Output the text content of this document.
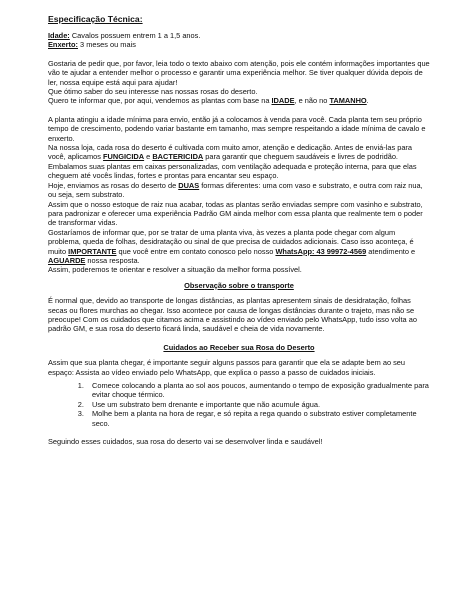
Especificação Técnica:

Idade: Cavalos possuem entrem 1 a 1,5 anos.

Enxerto: 3 meses ou mais

Gostaria de pedir que, por favor, leia todo o texto abaixo com atenção, pois ele contém informações importantes que vão te ajudar a entender melhor o processo e garantir uma experiência melhor. Se tiver qualquer dúvida depois de ler, nossa equipe está aqui para ajudar!

Que ótimo saber do seu interesse nas nossas rosas do deserto.

Quero te informar que, por aqui, vendemos as plantas com base na IDADE, e não no TAMANHO.

A planta atingiu a idade mínima para envio, então já a colocamos à venda para você. Cada planta tem seu próprio tempo de crescimento, podendo variar bastante em tamanho, mas sempre respeitando a idade mínima de cavalo e enxerto.

Na nossa loja, cada rosa do deserto é cultivada com muito amor, atenção e dedicação. Antes de enviá-las para você, aplicamos FUNGICIDA e BACTERICIDA para garantir que cheguem saudáveis e livres de podridão.

Embalamos suas plantas em caixas personalizadas, com ventilação adequada e proteção interna, para que elas cheguem até vocês lindas, fortes e prontas para encantar seu espaço.

Hoje, enviamos as rosas do deserto de DUAS formas diferentes: uma com vaso e substrato, e outra com raiz nua, ou seja, sem substrato.

Assim que o nosso estoque de raiz nua acabar, todas as plantas serão enviadas sempre com vasinho e substrato, para padronizar e oferecer uma experiência Padrão GM ainda melhor com essa planta que realmente tem o poder de transformar vidas.

Gostaríamos de informar que, por se tratar de uma planta viva, às vezes a planta pode chegar com algum problema, queda de folhas, desidratação ou sinal de que precisa de cuidados adicionais. Caso isso aconteça, é muito IMPORTANTE que você entre em contato conosco pelo nosso WhatsApp: 43 99972-4569 atendimento e AGUARDE nossa resposta.

Assim, poderemos te orientar e resolver a situação da melhor forma possível.

Observação sobre o transporte

É normal que, devido ao transporte de longas distâncias, as plantas apresentem sinais de desidratação, folhas secas ou flores murchas ao chegar. Isso acontece por causa de longas distâncias durante o trajeto, mas não se preocupe! Com os cuidados que citamos acima e assistindo ao vídeo enviado pelo WhatsApp, tudo isso volta ao padrão GM, e sua rosa do deserto ficará linda, saudável e cheia de vida novamente.

Cuidados ao Receber sua Rosa do Deserto

Assim que sua planta chegar, é importante seguir alguns passos para garantir que ela se adapte bem ao seu espaço: Assista ao vídeo enviado pelo WhatsApp, que explica o passo a passo de cuidados iniciais.

1. Comece colocando a planta ao sol aos poucos, aumentando o tempo de exposição gradualmente para evitar choque térmico.
2. Use um substrato bem drenante e importante que não acumule água.
3. Molhe bem a planta na hora de regar, e só repita a rega quando o substrato estiver completamente seco.

Seguindo esses cuidados, sua rosa do deserto vai se desenvolver linda e saudável!
